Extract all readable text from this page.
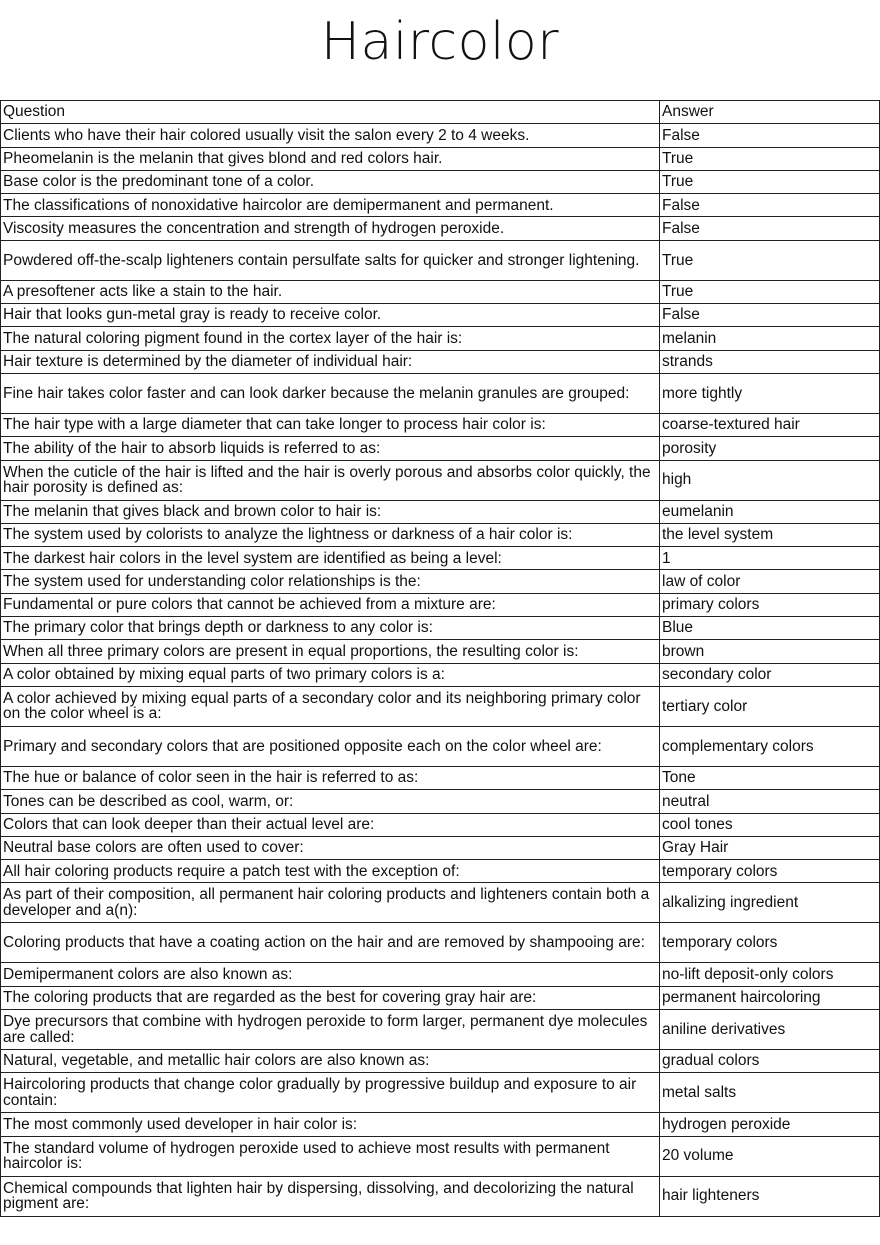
Haircolor
Question	Answer
Clients who have their hair colored usually visit the salon every 2 to 4 weeks.	False
Pheomelanin is the melanin that gives blond and red colors hair.	True
Base color is the predominant tone of a color.	True
The classifications of nonoxidative haircolor are demipermanent and permanent.	False
Viscosity measures the concentration and strength of hydrogen peroxide.	False
Powdered off-the-scalp lighteners contain persulfate salts for quicker and stronger lightening.	True
A presoftener acts like a stain to the hair.	True
Hair that looks gun-metal gray is ready to receive color.	False
The natural coloring pigment found in the cortex layer of the hair is:	melanin
Hair texture is determined by the diameter of individual hair:	strands
Fine hair takes color faster and can look darker because the melanin granules are grouped:	more tightly
The hair type with a large diameter that can take longer to process hair color is:	coarse-textured hair
The ability of the hair to absorb liquids is referred to as:	porosity
When the cuticle of the hair is lifted and the hair is overly porous and absorbs color quickly, the hair porosity is defined as:	high
The melanin that gives black and brown color to hair is:	eumelanin
The system used by colorists to analyze the lightness or darkness of a hair color is:	the level system
The darkest hair colors in the level system are identified as being a level:	1
The system used for understanding color relationships is the:	law of color
Fundamental or pure colors that cannot be achieved from a mixture are:	primary colors
The primary color that brings depth or darkness to any color is:	Blue
When all three primary colors are present in equal proportions, the resulting color is:	brown
A color obtained by mixing equal parts of two primary colors is a:	secondary color
A color achieved by mixing equal parts of a secondary color and its neighboring primary color on the color wheel is a:	tertiary color
Primary and secondary colors that are positioned opposite each on the color wheel are:	complementary colors
The hue or balance of color seen in the hair is referred to as:	Tone
Tones can be described as cool, warm, or:	neutral
Colors that can look deeper than their actual level are:	cool tones
Neutral base colors are often used to cover:	Gray Hair
All hair coloring products require a patch test with the exception of:	temporary colors
As part of their composition, all permanent hair coloring products and lighteners contain both a developer and a(n):	alkalizing ingredient
Coloring products that have a coating action on the hair and are removed by shampooing are:	temporary colors
Demipermanent colors are also known as:	no-lift deposit-only colors
The coloring products that are regarded as the best for covering gray hair are:	permanent haircoloring
Dye precursors that combine with hydrogen peroxide to form larger, permanent dye molecules are called:	aniline derivatives
Natural, vegetable, and metallic hair colors are also known as:	gradual colors
Haircoloring products that change color gradually by progressive buildup and exposure to air contain:	metal salts
The most commonly used developer in hair color is:	hydrogen peroxide
The standard volume of hydrogen peroxide used to achieve most results with permanent haircolor is:	20 volume
Chemical compounds that lighten hair by dispersing, dissolving, and decolorizing the natural pigment are:	hair lighteners
